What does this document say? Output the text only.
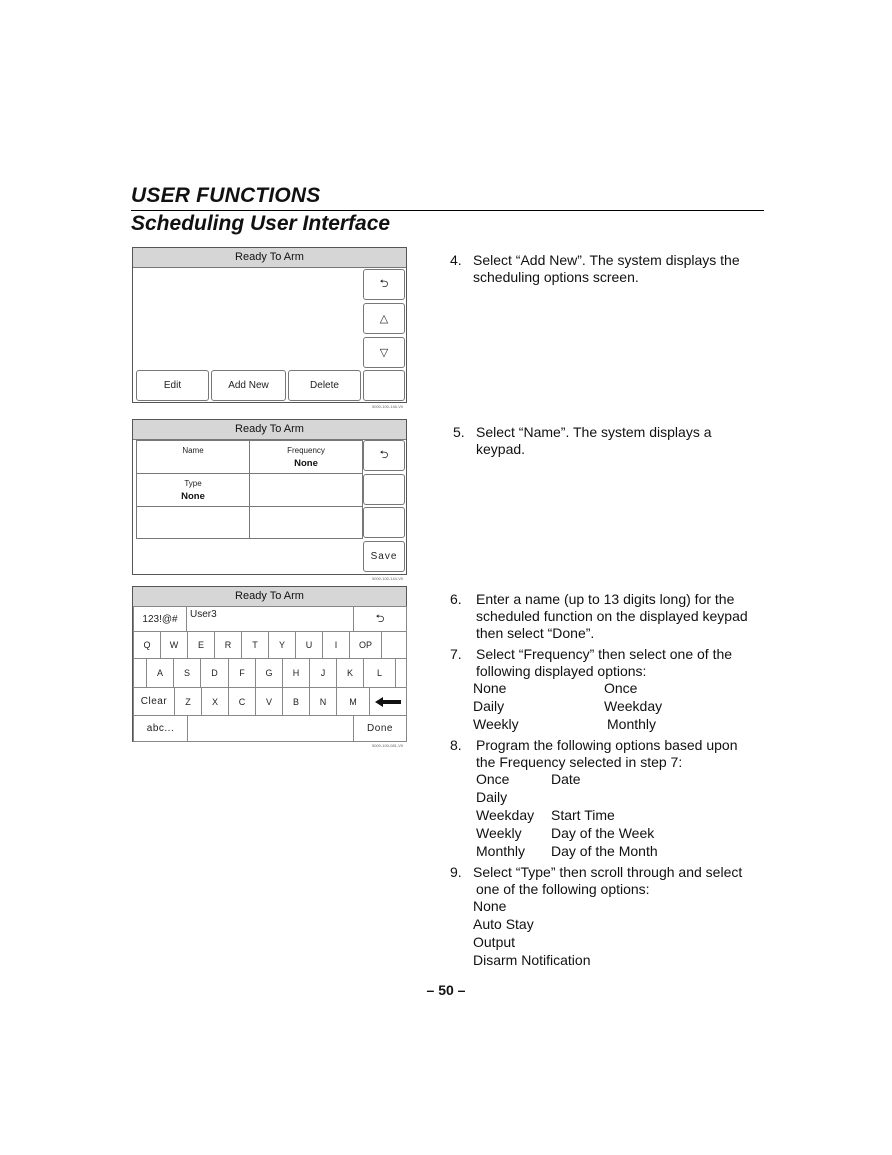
USER FUNCTIONS
Scheduling User Interface
Ready To Arm
⮌
△
▽
Edit	Add New	Delete
5000-100-146-V0
Ready To Arm
Name	Frequency
None
Type
None
⮌
Save
5000-100-144-V0
Ready To Arm
123!@#	User3	⮌
Q	W	E	R	T	Y	U	I	OP
A	S	D	F	G	H	J	K	L
Clear	Z	X	C	V	B	N	M
abc...	Done
5000-100-081-V0
4. Select “Add New”. The system displays the
scheduling options screen.
5. Select “Name”. The system displays a
keypad.
6. Enter a name (up to 13 digits long) for the
scheduled function on the displayed keypad
then select “Done”.
7. Select “Frequency” then select one of the
following displayed options:
None	Once
Daily	Weekday
Weekly	Monthly
8. Program the following options based upon
the Frequency selected in step 7:
Once	Date
Daily
Weekday Start Time
Weekly Day of the Week
Monthly Day of the Month
9. Select “Type” then scroll through and select
one of the following options:
None
Auto Stay
Output
Disarm Notification
– 50 –
